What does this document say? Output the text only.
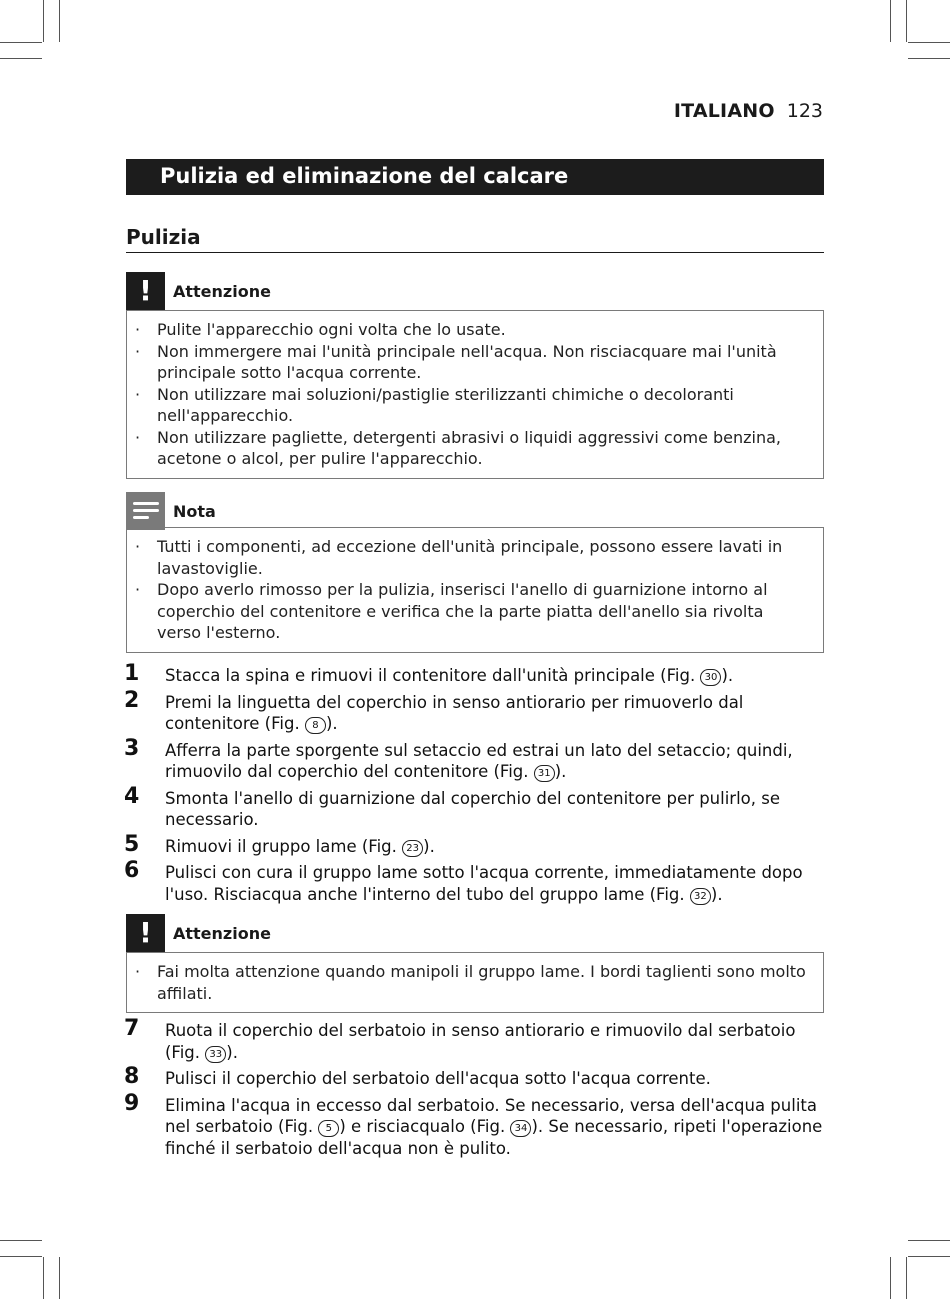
ITALIANO 123
Pulizia ed eliminazione del calcare
Pulizia
!	Attenzione
· Pulite l'apparecchio ogni volta che lo usate.
· Non immergere mai l'unità principale nell'acqua. Non risciacquare mai l'unità principale sotto l'acqua corrente.
· Non utilizzare mai soluzioni/pastiglie sterilizzanti chimiche o decoloranti nell'apparecchio.
· Non utilizzare pagliette, detergenti abrasivi o liquidi aggressivi come benzina, acetone o alcol, per pulire l'apparecchio.
Nota
· Tutti i componenti, ad eccezione dell'unità principale, possono essere lavati in lavastoviglie.
· Dopo averlo rimosso per la pulizia, inserisci l'anello di guarnizione intorno al coperchio del contenitore e verifica che la parte piatta dell'anello sia rivolta verso l'esterno.
1 Stacca la spina e rimuovi il contenitore dall'unità principale (Fig. 30 ).
2 Premi la linguetta del coperchio in senso antiorario per rimuoverlo dal contenitore (Fig. 8 ).
3 Afferra la parte sporgente sul setaccio ed estrai un lato del setaccio; quindi, rimuovilo dal coperchio del contenitore (Fig. 31 ).
4 Smonta l'anello di guarnizione dal coperchio del contenitore per pulirlo, se necessario.
5 Rimuovi il gruppo lame (Fig. 23 ).
6 Pulisci con cura il gruppo lame sotto l'acqua corrente, immediatamente dopo l'uso. Risciacqua anche l'interno del tubo del gruppo lame (Fig. 32 ).
!	Attenzione
· Fai molta attenzione quando manipoli il gruppo lame. I bordi taglienti sono molto affilati.
7 Ruota il coperchio del serbatoio in senso antiorario e rimuovilo dal serbatoio (Fig. 33 ).
8 Pulisci il coperchio del serbatoio dell'acqua sotto l'acqua corrente.
9 Elimina l'acqua in eccesso dal serbatoio. Se necessario, versa dell'acqua pulita nel serbatoio (Fig. 5 ) e risciacqualo (Fig. 34 ). Se necessario, ripeti l'operazione finché il serbatoio dell'acqua non è pulito.
